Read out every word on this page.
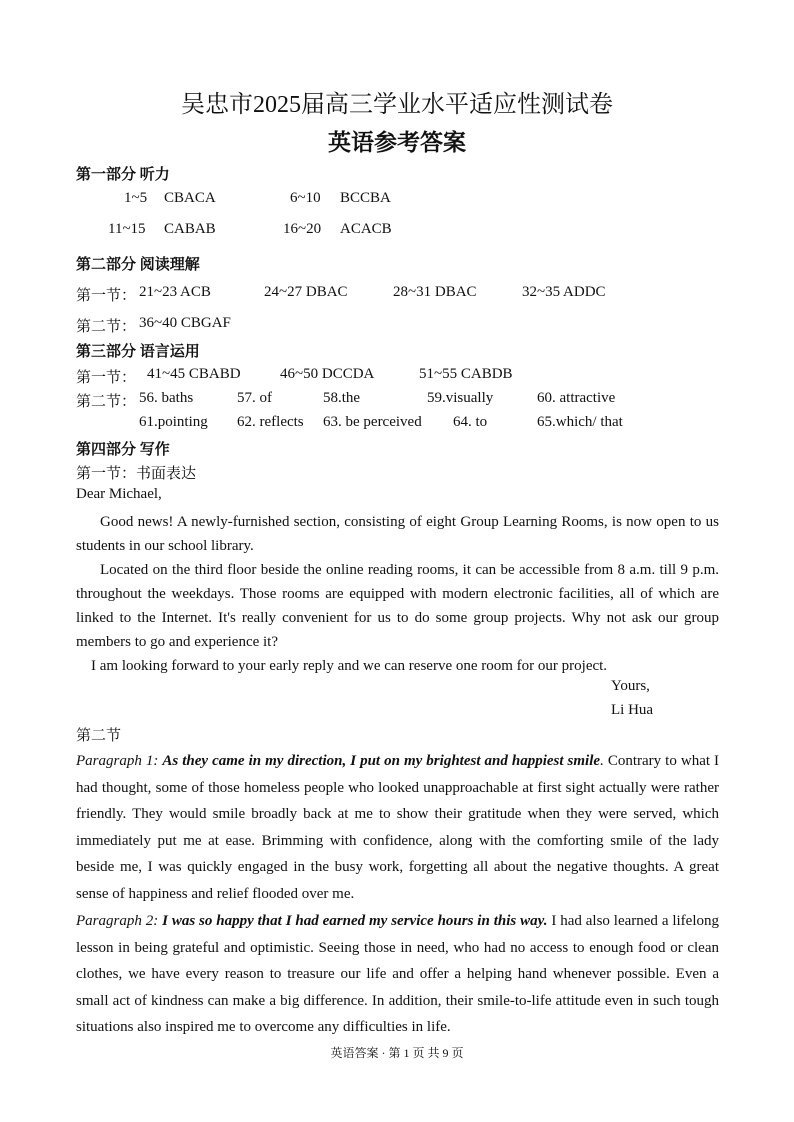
吴忠市2025届高三学业水平适应性测试卷
英语参考答案
第一部分 听力
1~5 CBACA	6~10 BCCBA
11~15 CABAB	16~20 ACACB
第二部分 阅读理解
第一节： 21~23 ACB	24~27 DBAC	28~31 DBAC	32~35 ADDC
第二节： 36~40 CBGAF
第三部分 语言运用
第一节： 41~45 CBABD	46~50 DCCDA	51~55 CABDB
第二节： 56. baths	57. of	58.the	59.visually	60. attractive
61.pointing 62. reflects 63. be perceived 64. to	65.which/ that
第四部分 写作
第一节：书面表达
Dear Michael,

Good news! A newly-furnished section, consisting of eight Group Learning Rooms, is now open to us students in our school library.

Located on the third floor beside the online reading rooms, it can be accessible from 8 a.m. till 9 p.m. throughout the weekdays. Those rooms are equipped with modern electronic facilities, all of which are linked to the Internet. It's really convenient for us to do some group projects. Why not ask our group members to go and experience it?

I am looking forward to your early reply and we can reserve one room for our project.

Yours,
Li Hua
第二节

Paragraph 1: As they came in my direction, I put on my brightest and happiest smile. Contrary to what I had thought, some of those homeless people who looked unapproachable at first sight actually were rather friendly. They would smile broadly back at me to show their gratitude when they were served, which immediately put me at ease. Brimming with confidence, along with the comforting smile of the lady beside me, I was quickly engaged in the busy work, forgetting all about the negative thoughts. A great sense of happiness and relief flooded over me.

Paragraph 2: I was so happy that I had earned my service hours in this way. I had also learned a lifelong lesson in being grateful and optimistic. Seeing those in need, who had no access to enough food or clean clothes, we have every reason to treasure our life and offer a helping hand whenever possible. Even a small act of kindness can make a big difference. In addition, their smile-to-life attitude even in such tough situations also inspired me to overcome any difficulties in life.

英语答案 · 第 1 页 共 9 页
